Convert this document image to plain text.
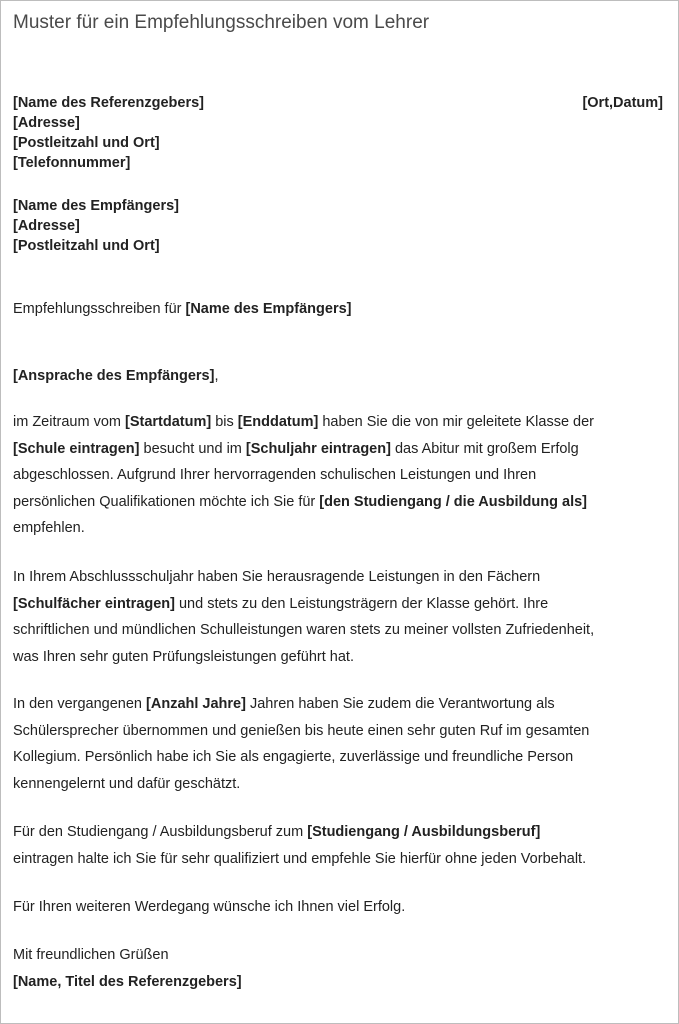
Muster für ein Empfehlungsschreiben vom Lehrer
[Name des Referenzgebers]	[Ort,Datum]
[Adresse]
[Postleitzahl und Ort]
[Telefonnummer]
[Name des Empfängers]
[Adresse]
[Postleitzahl und Ort]
Empfehlungsschreiben für [Name des Empfängers]
[Ansprache des Empfängers],
im Zeitraum vom [Startdatum] bis [Enddatum] haben Sie die von mir geleitete Klasse der
[Schule eintragen] besucht und im [Schuljahr eintragen] das Abitur mit großem Erfolg
abgeschlossen. Aufgrund Ihrer hervorragenden schulischen Leistungen und Ihren
persönlichen Qualifikationen möchte ich Sie für [den Studiengang / die Ausbildung als]
empfehlen.
In Ihrem Abschlussschuljahr haben Sie herausragende Leistungen in den Fächern
[Schulfächer eintragen] und stets zu den Leistungsträgern der Klasse gehört. Ihre
schriftlichen und mündlichen Schulleistungen waren stets zu meiner vollsten Zufriedenheit,
was Ihren sehr guten Prüfungsleistungen geführt hat.
In den vergangenen [Anzahl Jahre] Jahren haben Sie zudem die Verantwortung als
Schülersprecher übernommen und genießen bis heute einen sehr guten Ruf im gesamten
Kollegium. Persönlich habe ich Sie als engagierte, zuverlässige und freundliche Person
kennengelernt und dafür geschätzt.
Für den Studiengang / Ausbildungsberuf zum [Studiengang / Ausbildungsberuf]
eintragen halte ich Sie für sehr qualifiziert und empfehle Sie hierfür ohne jeden Vorbehalt.
Für Ihren weiteren Werdegang wünsche ich Ihnen viel Erfolg.
Mit freundlichen Grüßen
[Name, Titel des Referenzgebers]
